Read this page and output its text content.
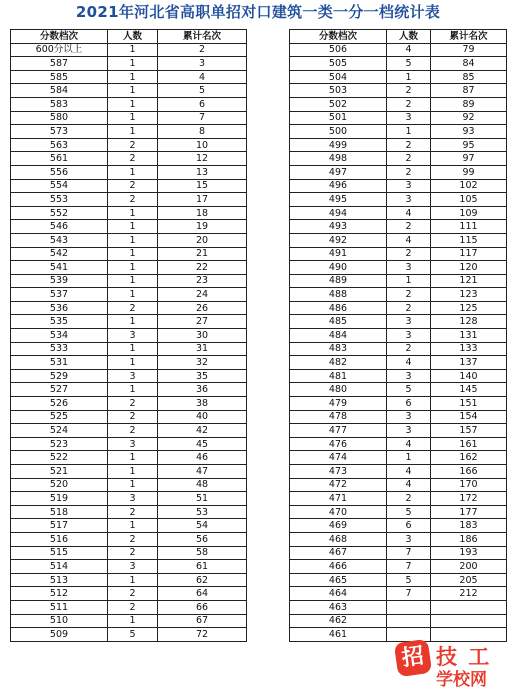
2021年河北省高职单招对口建筑一类一分一档统计表
分数档次	人数	累计名次
600分以上	1	2
587	1	3
585	1	4
584	1	5
583	1	6
580	1	7
573	1	8
563	2	10
561	2	12
556	1	13
554	2	15
553	2	17
552	1	18
546	1	19
543	1	20
542	1	21
541	1	22
539	1	23
537	1	24
536	2	26
535	1	27
534	3	30
533	1	31
531	1	32
529	3	35
527	1	36
526	2	38
525	2	40
524	2	42
523	3	45
522	1	46
521	1	47
520	1	48
519	3	51
518	2	53
517	1	54
516	2	56
515	2	58
514	3	61
513	1	62
512	2	64
511	2	66
510	1	67
509	5	72
分数档次	人数	累计名次
506	4	79
505	5	84
504	1	85
503	2	87
502	2	89
501	3	92
500	1	93
499	2	95
498	2	97
497	2	99
496	3	102
495	3	105
494	4	109
493	2	111
492	4	115
491	2	117
490	3	120
489	1	121
488	2	123
486	2	125
485	3	128
484	3	131
483	2	133
482	4	137
481	3	140
480	5	145
479	6	151
478	3	154
477	3	157
476	4	161
474	1	162
473	4	166
472	4	170
471	2	172
470	5	177
469	6	183
468	3	186
467	7	193
466	7	200
465	5	205
464	7	212
463		
462		
461		
招 技 工
学校网
